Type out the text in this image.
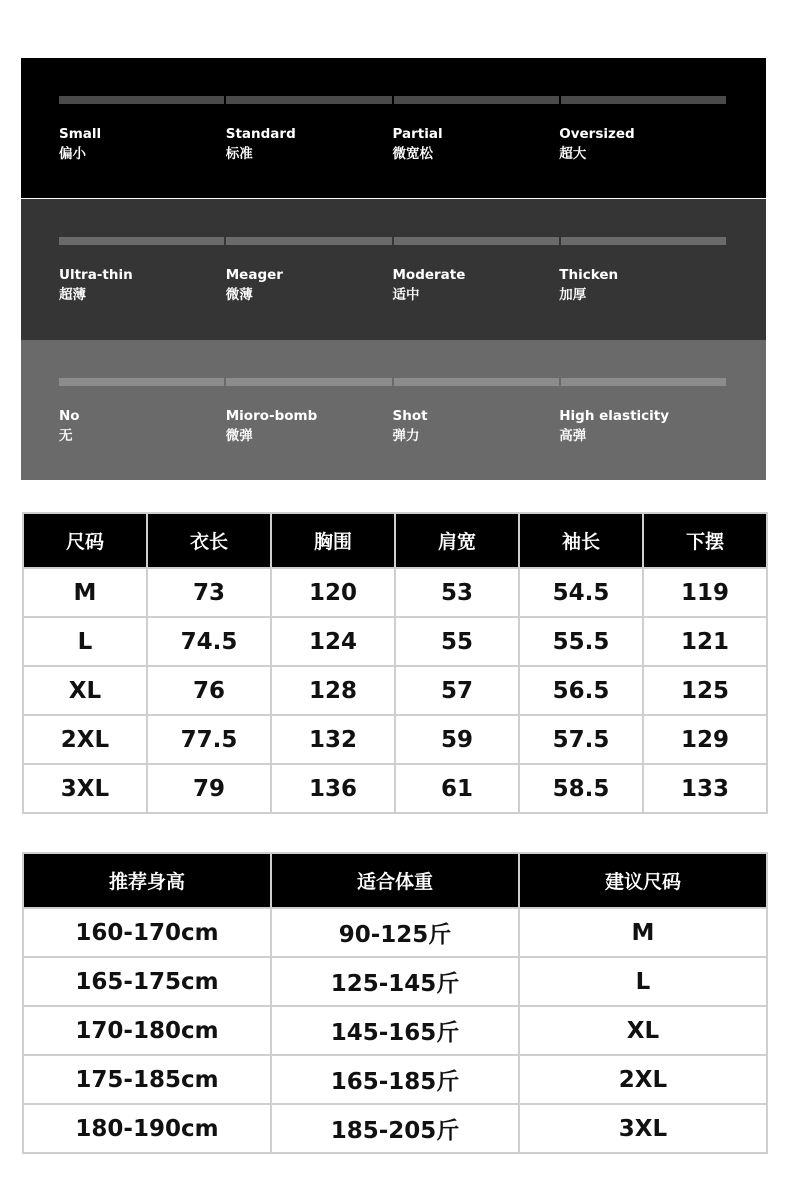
Small
偏小
Standard
标准
Partial
微宽松
Oversized
超大
Ultra-thin
超薄
Meager
微薄
Moderate
适中
Thicken
加厚
No
无
Mioro-bomb
微弹
Shot
弹力
High elasticity
高弹
尺码	衣长	胸围	肩宽	袖长	下摆
M	73	120	53	54.5	119
L	74.5	124	55	55.5	121
XL	76	128	57	56.5	125
2XL	77.5	132	59	57.5	129
3XL	79	136	61	58.5	133
推荐身高	适合体重	建议尺码
160-170cm	90-125斤	M
165-175cm	125-145斤	L
170-180cm	145-165斤	XL
175-185cm	165-185斤	2XL
180-190cm	185-205斤	3XL
